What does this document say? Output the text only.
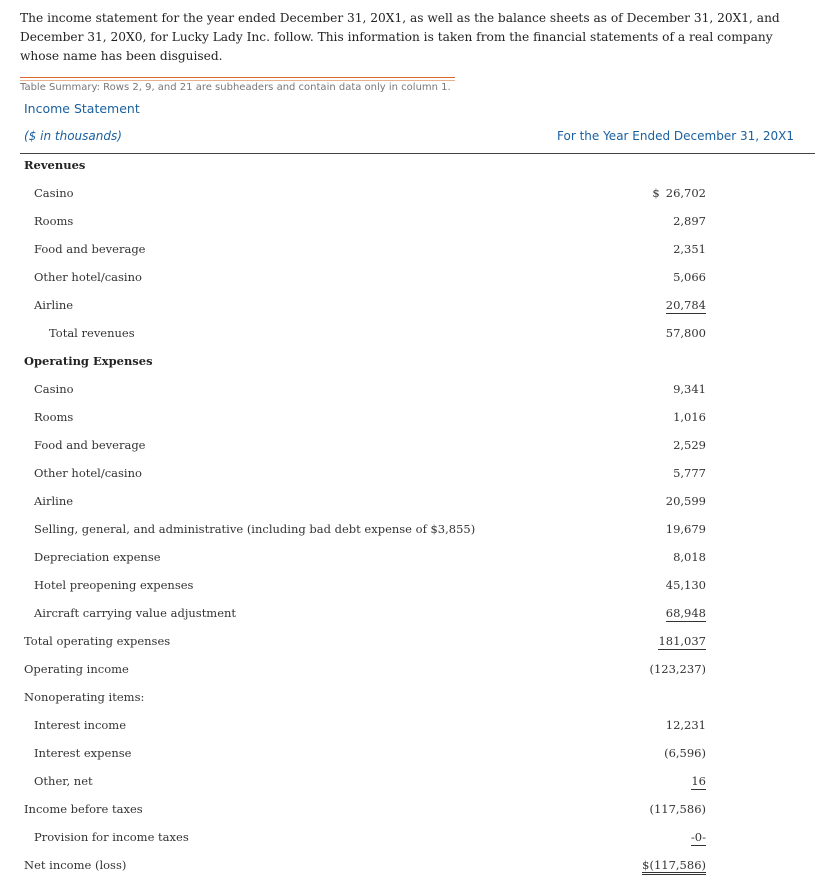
The income statement for the year ended December 31, 20X1, as well as the balance sheets as of December 31, 20X1, and December 31, 20X0, for Lucky Lady Inc. follow. This information is taken from the financial statements of a real company whose name has been disguised.
Table Summary: Rows 2, 9, and 21 are subheaders and contain data only in column 1.
Income Statement
($ in thousands)	For the Year Ended December 31, 20X1
Revenues
Casino	$ 26,702
Rooms	2,897
Food and beverage	2,351
Other hotel/casino	5,066
Airline	20,784
Total revenues	57,800
Operating Expenses
Casino	9,341
Rooms	1,016
Food and beverage	2,529
Other hotel/casino	5,777
Airline	20,599
Selling, general, and administrative (including bad debt expense of $3,855)	19,679
Depreciation expense	8,018
Hotel preopening expenses	45,130
Aircraft carrying value adjustment	68,948
Total operating expenses	181,037
Operating income	(123,237)
Nonoperating items:
Interest income	12,231
Interest expense	(6,596)
Other, net	16
Income before taxes	(117,586)
Provision for income taxes	-0-
Net income (loss)	$(117,586)
